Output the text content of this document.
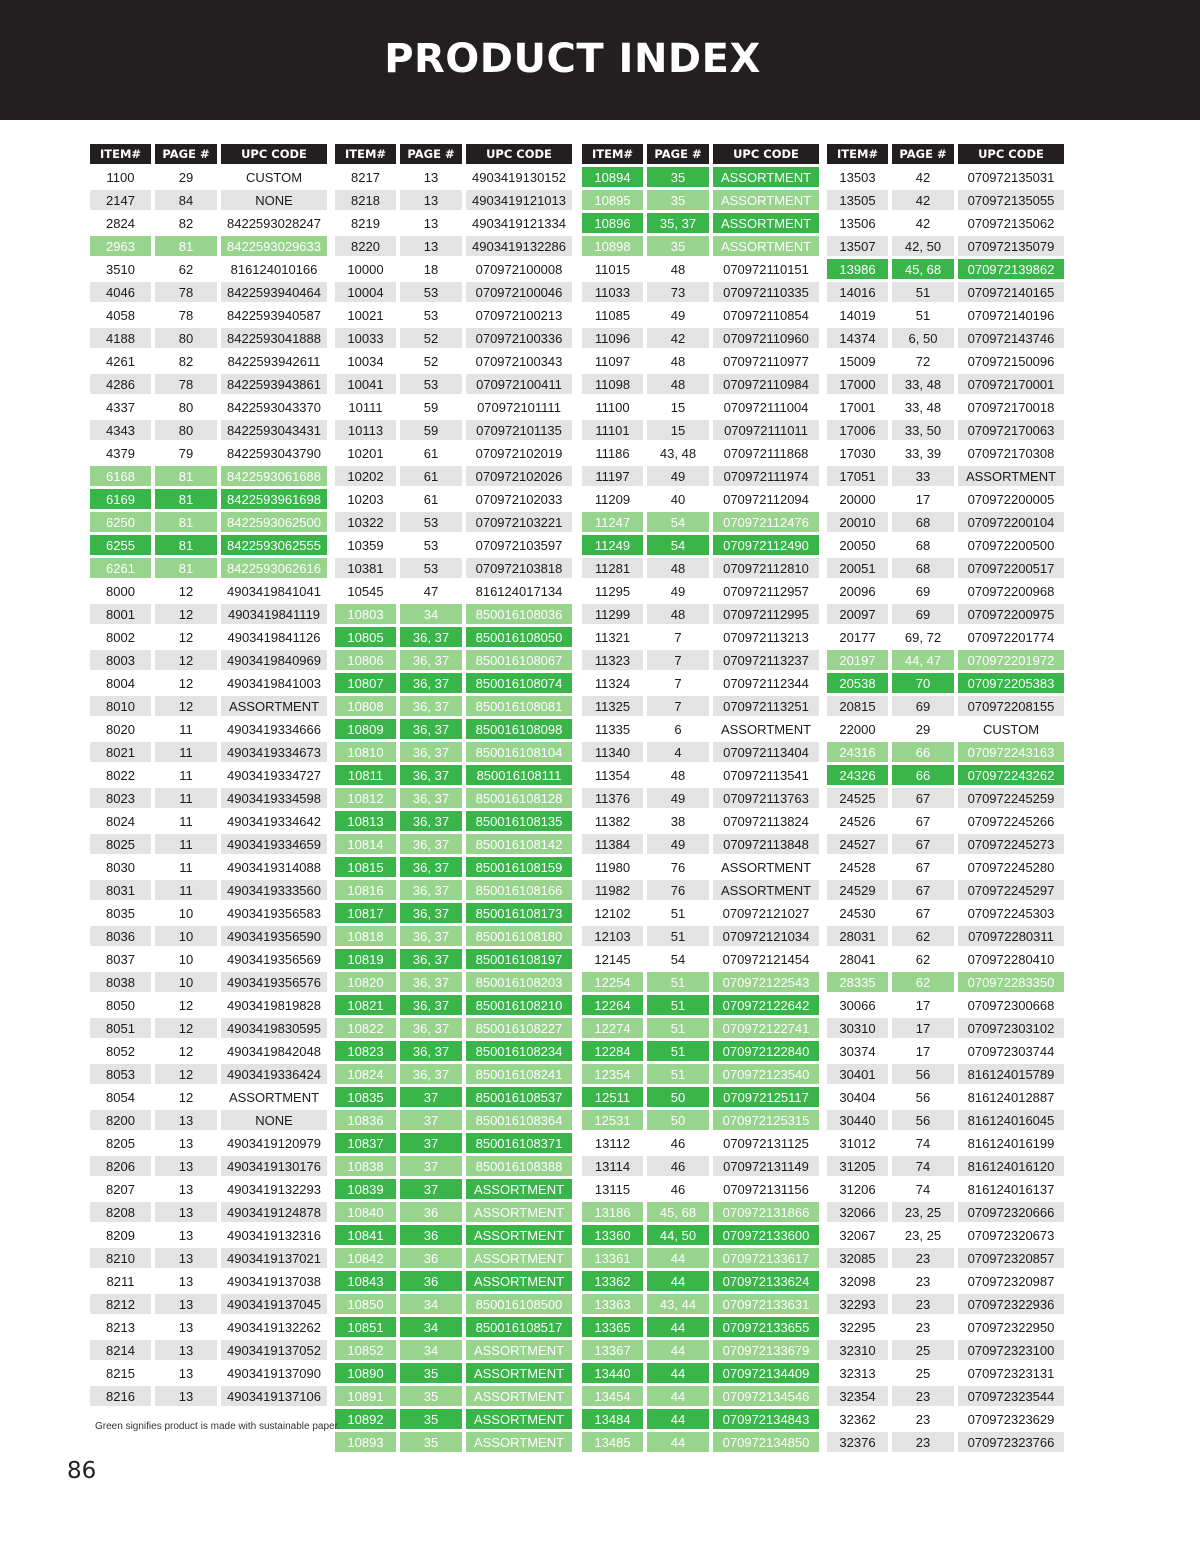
PRODUCT INDEX
ITEM#	PAGE #	UPC CODE
1100	29	CUSTOM
2147	84	NONE
2824	82	8422593028247
2963	81	8422593029633
3510	62	816124010166
4046	78	8422593940464
4058	78	8422593940587
4188	80	8422593041888
4261	82	8422593942611
4286	78	8422593943861
4337	80	8422593043370
4343	80	8422593043431
4379	79	8422593043790
6168	81	8422593061688
6169	81	8422593961698
6250	81	8422593062500
6255	81	8422593062555
6261	81	8422593062616
8000	12	4903419841041
8001	12	4903419841119
8002	12	4903419841126
8003	12	4903419840969
8004	12	4903419841003
8010	12	ASSORTMENT
8020	11	4903419334666
8021	11	4903419334673
8022	11	4903419334727
8023	11	4903419334598
8024	11	4903419334642
8025	11	4903419334659
8030	11	4903419314088
8031	11	4903419333560
8035	10	4903419356583
8036	10	4903419356590
8037	10	4903419356569
8038	10	4903419356576
8050	12	4903419819828
8051	12	4903419830595
8052	12	4903419842048
8053	12	4903419336424
8054	12	ASSORTMENT
8200	13	NONE
8205	13	4903419120979
8206	13	4903419130176
8207	13	4903419132293
8208	13	4903419124878
8209	13	4903419132316
8210	13	4903419137021
8211	13	4903419137038
8212	13	4903419137045
8213	13	4903419132262
8214	13	4903419137052
8215	13	4903419137090
8216	13	4903419137106
ITEM#	PAGE #	UPC CODE
8217	13	4903419130152
8218	13	4903419121013
8219	13	4903419121334
8220	13	4903419132286
10000	18	070972100008
10004	53	070972100046
10021	53	070972100213
10033	52	070972100336
10034	52	070972100343
10041	53	070972100411
10111	59	070972101111
10113	59	070972101135
10201	61	070972102019
10202	61	070972102026
10203	61	070972102033
10322	53	070972103221
10359	53	070972103597
10381	53	070972103818
10545	47	816124017134
10803	34	850016108036
10805	36, 37	850016108050
10806	36, 37	850016108067
10807	36, 37	850016108074
10808	36, 37	850016108081
10809	36, 37	850016108098
10810	36, 37	850016108104
10811	36, 37	850016108111
10812	36, 37	850016108128
10813	36, 37	850016108135
10814	36, 37	850016108142
10815	36, 37	850016108159
10816	36, 37	850016108166
10817	36, 37	850016108173
10818	36, 37	850016108180
10819	36, 37	850016108197
10820	36, 37	850016108203
10821	36, 37	850016108210
10822	36, 37	850016108227
10823	36, 37	850016108234
10824	36, 37	850016108241
10835	37	850016108537
10836	37	850016108364
10837	37	850016108371
10838	37	850016108388
10839	37	ASSORTMENT
10840	36	ASSORTMENT
10841	36	ASSORTMENT
10842	36	ASSORTMENT
10843	36	ASSORTMENT
10850	34	850016108500
10851	34	850016108517
10852	34	ASSORTMENT
10890	35	ASSORTMENT
10891	35	ASSORTMENT
10892	35	ASSORTMENT
10893	35	ASSORTMENT
ITEM#	PAGE #	UPC CODE
10894	35	ASSORTMENT
10895	35	ASSORTMENT
10896	35, 37	ASSORTMENT
10898	35	ASSORTMENT
11015	48	070972110151
11033	73	070972110335
11085	49	070972110854
11096	42	070972110960
11097	48	070972110977
11098	48	070972110984
11100	15	070972111004
11101	15	070972111011
11186	43, 48	070972111868
11197	49	070972111974
11209	40	070972112094
11247	54	070972112476
11249	54	070972112490
11281	48	070972112810
11295	49	070972112957
11299	48	070972112995
11321	7	070972113213
11323	7	070972113237
11324	7	070972112344
11325	7	070972113251
11335	6	ASSORTMENT
11340	4	070972113404
11354	48	070972113541
11376	49	070972113763
11382	38	070972113824
11384	49	070972113848
11980	76	ASSORTMENT
11982	76	ASSORTMENT
12102	51	070972121027
12103	51	070972121034
12145	54	070972121454
12254	51	070972122543
12264	51	070972122642
12274	51	070972122741
12284	51	070972122840
12354	51	070972123540
12511	50	070972125117
12531	50	070972125315
13112	46	070972131125
13114	46	070972131149
13115	46	070972131156
13186	45, 68	070972131866
13360	44, 50	070972133600
13361	44	070972133617
13362	44	070972133624
13363	43, 44	070972133631
13365	44	070972133655
13367	44	070972133679
13440	44	070972134409
13454	44	070972134546
13484	44	070972134843
13485	44	070972134850
ITEM#	PAGE #	UPC CODE
13503	42	070972135031
13505	42	070972135055
13506	42	070972135062
13507	42, 50	070972135079
13986	45, 68	070972139862
14016	51	070972140165
14019	51	070972140196
14374	6, 50	070972143746
15009	72	070972150096
17000	33, 48	070972170001
17001	33, 48	070972170018
17006	33, 50	070972170063
17030	33, 39	070972170308
17051	33	ASSORTMENT
20000	17	070972200005
20010	68	070972200104
20050	68	070972200500
20051	68	070972200517
20096	69	070972200968
20097	69	070972200975
20177	69, 72	070972201774
20197	44, 47	070972201972
20538	70	070972205383
20815	69	070972208155
22000	29	CUSTOM
24316	66	070972243163
24326	66	070972243262
24525	67	070972245259
24526	67	070972245266
24527	67	070972245273
24528	67	070972245280
24529	67	070972245297
24530	67	070972245303
28031	62	070972280311
28041	62	070972280410
28335	62	070972283350
30066	17	070972300668
30310	17	070972303102
30374	17	070972303744
30401	56	816124015789
30404	56	816124012887
30440	56	816124016045
31012	74	816124016199
31205	74	816124016120
31206	74	816124016137
32066	23, 25	070972320666
32067	23, 25	070972320673
32085	23	070972320857
32098	23	070972320987
32293	23	070972322936
32295	23	070972322950
32310	25	070972323100
32313	25	070972323131
32354	23	070972323544
32362	23	070972323629
32376	23	070972323766
Green signifies product is made with sustainable paper.
86
